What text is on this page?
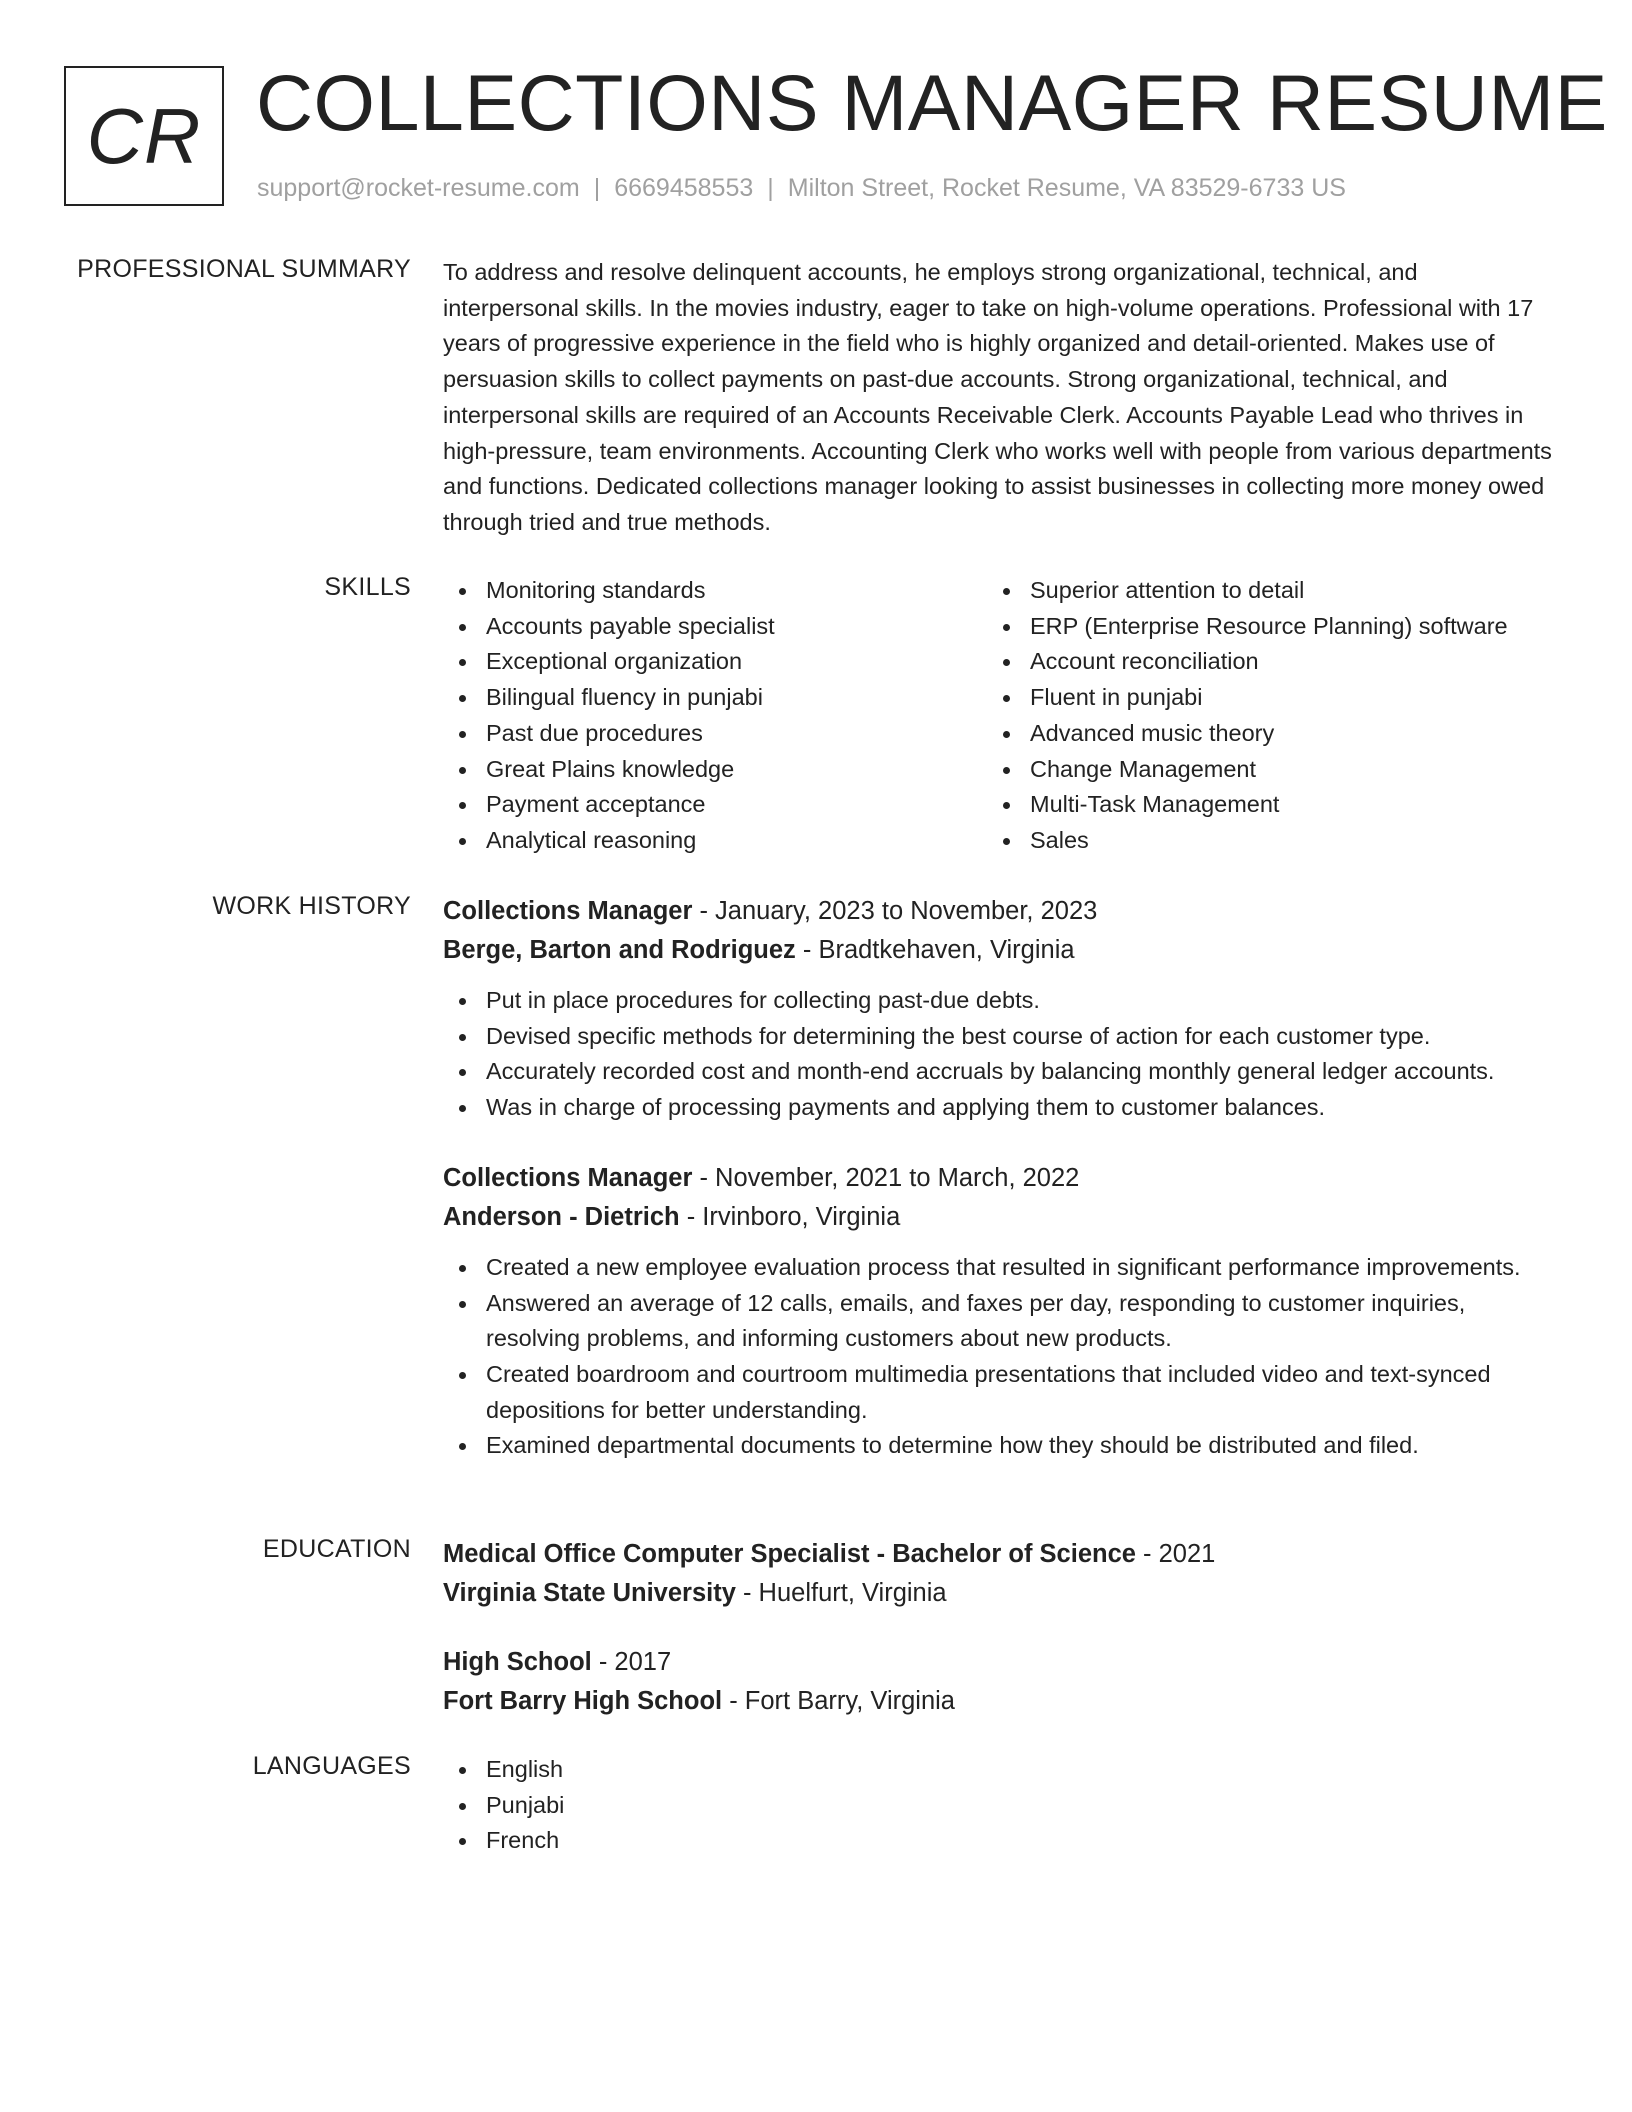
CR COLLECTIONS MANAGER RESUME
support@rocket-resume.com | 6669458553 | Milton Street, Rocket Resume, VA 83529-6733 US
PROFESSIONAL SUMMARY To address and resolve delinquent accounts, he employs strong organizational, technical, and interpersonal skills. In the movies industry, eager to take on high-volume operations. Professional with 17 years of progressive experience in the field who is highly organized and detail-oriented. Makes use of persuasion skills to collect payments on past-due accounts. Strong organizational, technical, and interpersonal skills are required of an Accounts Receivable Clerk. Accounts Payable Lead who thrives in high-pressure, team environments. Accounting Clerk who works well with people from various departments and functions. Dedicated collections manager looking to assist businesses in collecting more money owed through tried and true methods.

SKILLS	Monitoring standards
Accounts payable specialist
Exceptional organization
Bilingual fluency in punjabi
Past due procedures
Great Plains knowledge
Payment acceptance
Analytical reasoning
Superior attention to detail
ERP (Enterprise Resource Planning) software
Account reconciliation
Fluent in punjabi
Advanced music theory
Change Management
Multi-Task Management
Sales
WORK HISTORY Collections Manager - January, 2023 to November, 2023
Berge, Barton and Rodriguez - Bradtkehaven, Virginia
Put in place procedures for collecting past-due debts.
Devised specific methods for determining the best course of action for each customer type.
Accurately recorded cost and month-end accruals by balancing monthly general ledger accounts.
Was in charge of processing payments and applying them to customer balances.
Collections Manager - November, 2021 to March, 2022
Anderson - Dietrich - Irvinboro, Virginia
Created a new employee evaluation process that resulted in significant performance improvements.
Answered an average of 12 calls, emails, and faxes per day, responding to customer inquiries, resolving problems, and informing customers about new products.
Created boardroom and courtroom multimedia presentations that included video and text-synced depositions for better understanding.
Examined departmental documents to determine how they should be distributed and filed.
EDUCATION Medical Office Computer Specialist - Bachelor of Science - 2021
Virginia State University - Huelfurt, Virginia
High School - 2017
Fort Barry High School - Fort Barry, Virginia
LANGUAGES	English
Punjabi
French
